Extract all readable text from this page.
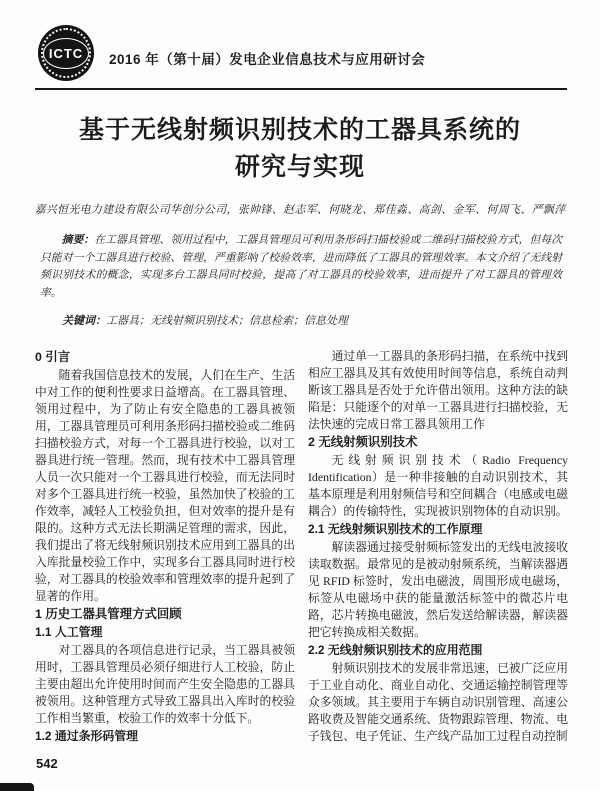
ICTC	2016 年（第十届）发电企业信息技术与应用研讨会
基于无线射频识别技术的工器具系统的
研究与实现
嘉兴恒光电力建设有限公司华创分公司，张帅锋、赵志军、何晓龙、郑佳淼、高剑、金军、何周飞、严飘萍
摘要：在工器具管理、领用过程中，工器具管理员可利用条形码扫描校验或二维码扫描校验方式，但每次只能对一个工器具进行校验、管理，严重影响了校验效率，进而降低了工器具的管理效率。本文介绍了无线射频识别技术的概念，实现多台工器具同时校验，提高了对工器具的校验效率，进而提升了对工器具的管理效率。
关键词：工器具；无线射频识别技术；信息检索；信息处理
0 引言

随着我国信息技术的发展，人们在生产、生活中对工作的便利性要求日益增高。在工器具管理、领用过程中，为了防止有安全隐患的工器具被领用，工器具管理员可利用条形码扫描校验或二维码扫描校验方式，对每一个工器具进行校验，以对工器具进行统一管理。然而，现有技术中工器具管理人员一次只能对一个工器具进行校验，而无法同时对多个工器具进行统一校验，虽然加快了校验的工作效率，减轻人工校验负担，但对效率的提升是有限的。这种方式无法长期满足管理的需求，因此，我们提出了将无线射频识别技术应用到工器具的出入库批量校验工作中，实现多台工器具同时进行校验，对工器具的校验效率和管理效率的提升起到了显著的作用。

1 历史工器具管理方式回顾
1.1 人工管理

对工器具的各项信息进行记录，当工器具被领用时，工器具管理员必须仔细进行人工校验，防止主要由超出允许使用时间而产生安全隐患的工器具被领用。这种管理方式导致工器具出入库时的校验工作相当繁重，校验工作的效率十分低下。

1.2 通过条形码管理

通过单一工器具的条形码扫描，在系统中找到相应工器具及其有效使用时间等信息，系统自动判断该工器具是否处于允许借出领用。这种方法的缺陷是：只能逐个的对单一工器具进行扫描校验，无法快速的完成日常工器具领用工作

2 无线射频识别技术

无线射频识别技术（Radio Frequency Identification）是一种非接触的自动识别技术，其基本原理是利用射频信号和空间耦合（电感或电磁耦合）的传输特性，实现被识别物体的自动识别。

2.1 无线射频识别技术的工作原理

解读器通过接受射频标签发出的无线电波接收读取数据。最常见的是被动射频系统，当解读器遇见 RFID 标签时，发出电磁波，周围形成电磁场，标签从电磁场中获的能量激活标签中的微芯片电路，芯片转换电磁波，然后发送给解读器，解读器把它转换成相关数据。

2.2 无线射频识别技术的应用范围

射频识别技术的发展非常迅速，已被广泛应用于工业自动化、商业自动化、交通运输控制管理等众多领域。其主要用于车辆自动识别管理、高速公路收费及智能交通系统、货物跟踪管理、物流、电子钱包、电子凭证、生产线产品加工过程自动控制

542
